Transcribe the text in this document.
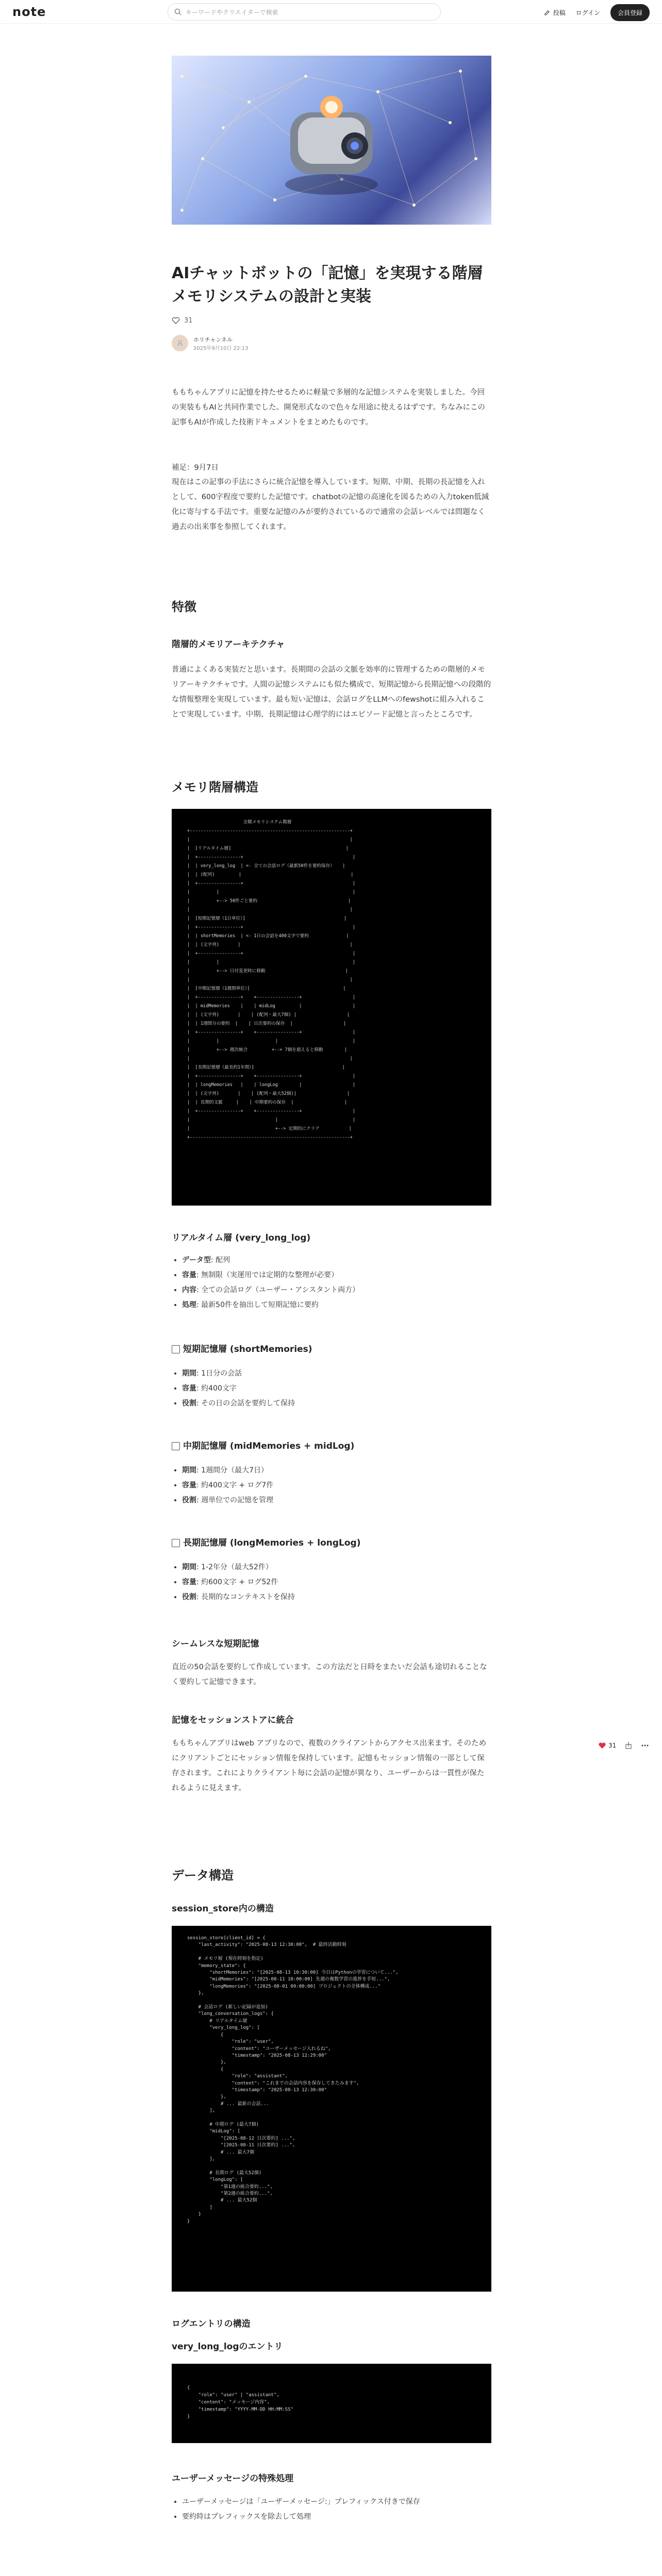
note	キーワードやクリエイターで検索	投稿 ログイン	会員登録
AIチャットボットの「記憶」を実現する階層メモリシステムの設計と実装
31
🐰	ホリチャンネル
2025年9月10日 22:13

ももちゃんアプリに記憶を持たせるために軽量で多層的な記憶システムを実装しました。今回の実装ももAIと共同作業でした。開発形式なので色々な用途に使えるはずです。ちなみにこの記事もAIが作成した技術ドキュメントをまとめたものです。

補足：9月7日

現在はこの記事の手法にさらに統合記憶を導入しています。短期、中期、長期の長記憶を入れとして、600字程度で要約した記憶です。chatbotの記憶の高速化を図るための入力token低減化に寄与する手法です。重要な記憶のみが要約されているので通常の会話レベルでは問題なく過去の出来事を参照してくれます。

特徴
階層的メモリアーキテクチャ

普通によくある実装だと思います。長期間の会話の文脈を効率的に管理するための階層的メモリアーキテクチャです。人間の記憶システムにも似た構成で、短期記憶から長期記憶への段階的な情報整理を実現しています。最も短い記憶は、会話ログをLLMへのfewshotに組み入れることで実現しています。中期、長期記憶は心理学的にはエピソード記憶と言ったところです。

メモリ階層構造
全階メモリシステム階層
+------------------------------------------------------------+
|                                                            |
|  [リアルタイム層]                                           |
|  +----------------+                                         |
|  | very_long_log  | <- 全ての会話ログ（最新50件を要約保存）   |
|  | (配列)         |                                         |
|  +----------------+                                         |
|          |                                                  |
|          +--> 50件ごと要約                                  |
|                                                            |
|  [短期記憶層（1日単位）]                                     |
|  +----------------+                                         |
|  | shortMemories  | <- 1日の会話を400文字で要約              |
|  | (文字列)       |                                         |
|  +----------------+                                         |
|          |                                                  |
|          +--> 日付変更時に移動                              |
|                                                            |
|  [中期記憶層（1週間単位）]                                   |
|  +----------------+    +----------------+                   |
|  | midMemories    |    | midLog         |                   |
|  | (文字列)       |    | (配列・最大7個) |                   |
|  | 1週間分の要約  |    | 日次要約の保存  |                   |
|  +----------------+    +----------------+                   |
|          |                     |                            |
|          +--> 週次統合         +--> 7個を超えると移動        |
|                                                            |
|  [長期記憶層（最長約1年間）]                                 |
|  +----------------+    +----------------+                   |
|  | longMemories   |    | longLog        |                   |
|  | (文字列)       |    | (配列・最大52個)|                   |
|  | 長期的文脈     |    | 中期要約の保存  |                   |
|  +----------------+    +----------------+                   |
|                                |                            |
|                                +--> 定期的にクリア           |
+------------------------------------------------------------+
リアルタイム層 (very_long_log)
• データ型: 配列
• 容量: 無制限（実運用では定期的な整理が必要）
• 内容: 全ての会話ログ（ユーザー・アシスタント両方）
• 処理: 最新50件を抽出して短期記憶に要約
短期記憶層 (shortMemories)
• 期間: 1日分の会話
• 容量: 約400文字
• 役割: その日の会話を要約して保持
中期記憶層 (midMemories + midLog)
• 期間: 1週間分（最大7日）
• 容量: 約400文字 + ログ7件
• 役割: 週単位での記憶を管理
長期記憶層 (longMemories + longLog)
• 期間: 1-2年分（最大52件）
• 容量: 約600文字 + ログ52件
• 役割: 長期的なコンテキストを保持
シームレスな短期記憶

直近の50会話を要約して作成しています。この方法だと日時をまたいだ会話も途切れることなく要約して記憶できます。

記憶をセッションストアに統合

ももちゃんアプリはweb アプリなので、複数のクライアントからアクセス出来ます。そのためにクリアントごとにセッション情報を保持しています。記憶もセッション情報の一部として保存されます。これによりクライアント毎に会話の記憶が異なり、ユーザーからは一貫性が保たれるように見えます。

データ構造
session_store内の構造
session_store[client_id] = {
"last_activity": "2025-08-13 12:30:00",  # 最終活動時刻

# メモリ層 (現在時刻を指定)
"memory_state": {
"shortMemories": "[2025-08-13 10:30:00] 今日はPythonの学習について...",
"midMemories": "[2025-08-11 10:00:00] 先週の複数学習の進捗を手短...",
"longMemories": "[2025-08-01 09:00:00] プロジェクトの全体構成..."
},

# 会話ログ (新しい記録が追加)
"long_conversation_logs": {
# リアルタイム層
"very_long_log": [
{
"role": "user",
"content": "ユーザーメッセージ入れるね",
"timestamp": "2025-08-13 12:29:00"
},
{
"role": "assistant",
"content": "これまでの会話内容を保存してきたみます",
"timestamp": "2025-08-13 12:30:00"
},
# ... 最新の会話...
],

# 中期ログ (最大7個)
"midLog": [
"[2025-08-12 日次要約] ...",
"[2025-08-11 日次要約] ...",
# ... 最大7個
],

# 長期ログ (最大52個)
"longLog": [
"第1週の統合要約...",
"第2週の統合要約...",
# ... 最大52個
]
}
}
ログエントリの構造
very_long_logのエントリ
{
"role": "user" | "assistant",
"content": "メッセージ内容",
"timestamp": "YYYY-MM-DD HH:MM:SS"
}
ユーザーメッセージの特殊処理
• ユーザーメッセージは「ユーザーメッセージ:」プレフィックス付きで保存
• 要約時はプレフィックスを除去して処理

31
